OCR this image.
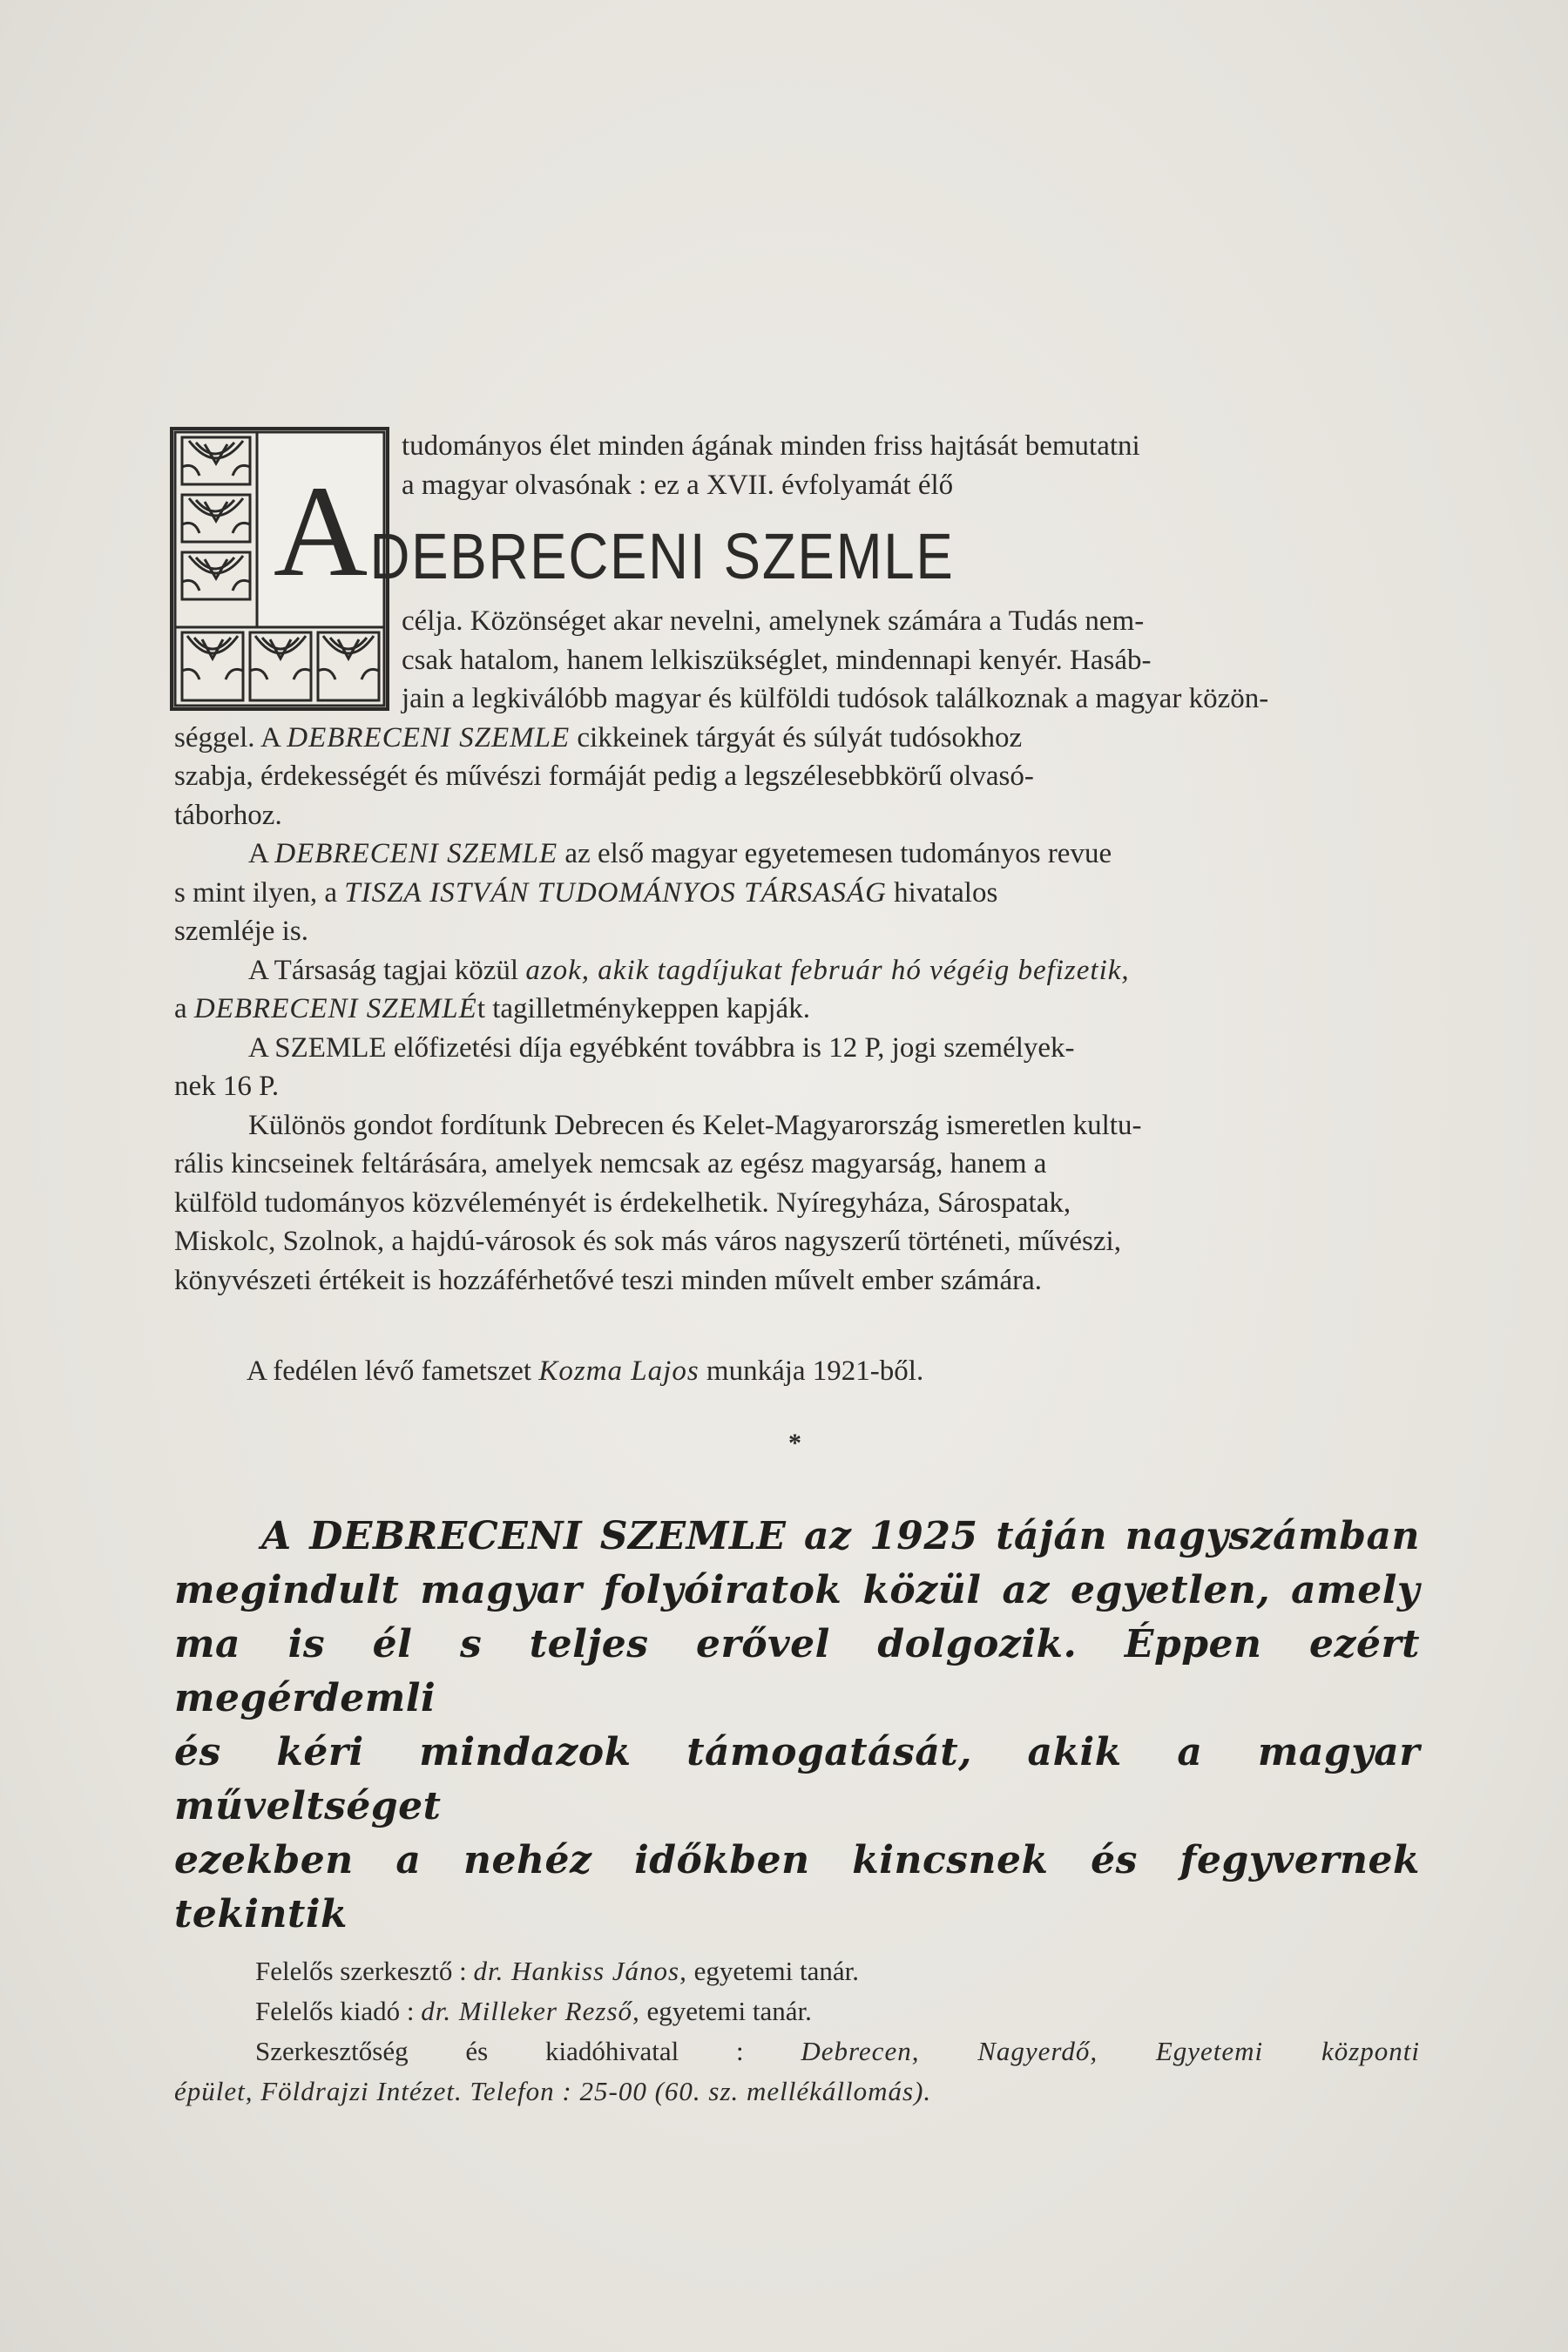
A

tudományos élet minden ágának minden friss hajtását bemutatni

a magyar olvasónak : ez a XVII. évfolyamát élő

DEBRECENI SZEMLE

célja. Közönséget akar nevelni, amelynek számára a Tudás nem-

csak hatalom, hanem lelkiszükséglet, mindennapi kenyér. Hasáb-

jain a legkiválóbb magyar és külföldi tudósok találkoznak a magyar közön-

séggel. A DEBRECENI SZEMLE cikkeinek tárgyát és súlyát tudósokhoz

szabja, érdekességét és művészi formáját pedig a legszélesebbkörű olvasó-

táborhoz.

A DEBRECENI SZEMLE az első magyar egyetemesen tudományos revue

s mint ilyen, a TISZA ISTVÁN TUDOMÁNYOS TÁRSASÁG hivatalos

szemléje is.

A Társaság tagjai közül azok, akik tagdíjukat február hó végéig befizetik,

a DEBRECENI SZEMLÉt tagilletménykeppen kapják.

A SZEMLE előfizetési díja egyébként továbbra is 12 P, jogi személyek-

nek 16 P.

Különös gondot fordítunk Debrecen és Kelet-Magyarország ismeretlen kultu-

rális kincseinek feltárására, amelyek nemcsak az egész magyarság, hanem a

külföld tudományos közvéleményét is érdekelhetik. Nyíregyháza, Sárospatak,

Miskolc, Szolnok, a hajdú-városok és sok más város nagyszerű történeti, művészi,

könyvészeti értékeit is hozzáférhetővé teszi minden művelt ember számára.

A fedélen lévő fametszet Kozma Lajos munkája 1921-ből.
*
A DEBRECENI SZEMLE az 1925 táján nagyszámban
megindult magyar folyóiratok közül az egyetlen, amely
ma is él s teljes erővel dolgozik. Éppen ezért megérdemli
és kéri mindazok támogatását, akik a magyar műveltséget
ezekben a nehéz időkben kincsnek és fegyvernek tekintik
Felelős szerkesztő : dr. Hankiss János, egyetemi tanár.
Felelős kiadó : dr. Milleker Rezső, egyetemi tanár.
Szerkesztőség és kiadóhivatal : Debrecen, Nagyerdő, Egyetemi központi
épület, Földrajzi Intézet. Telefon : 25-00 (60. sz. mellékállomás).
